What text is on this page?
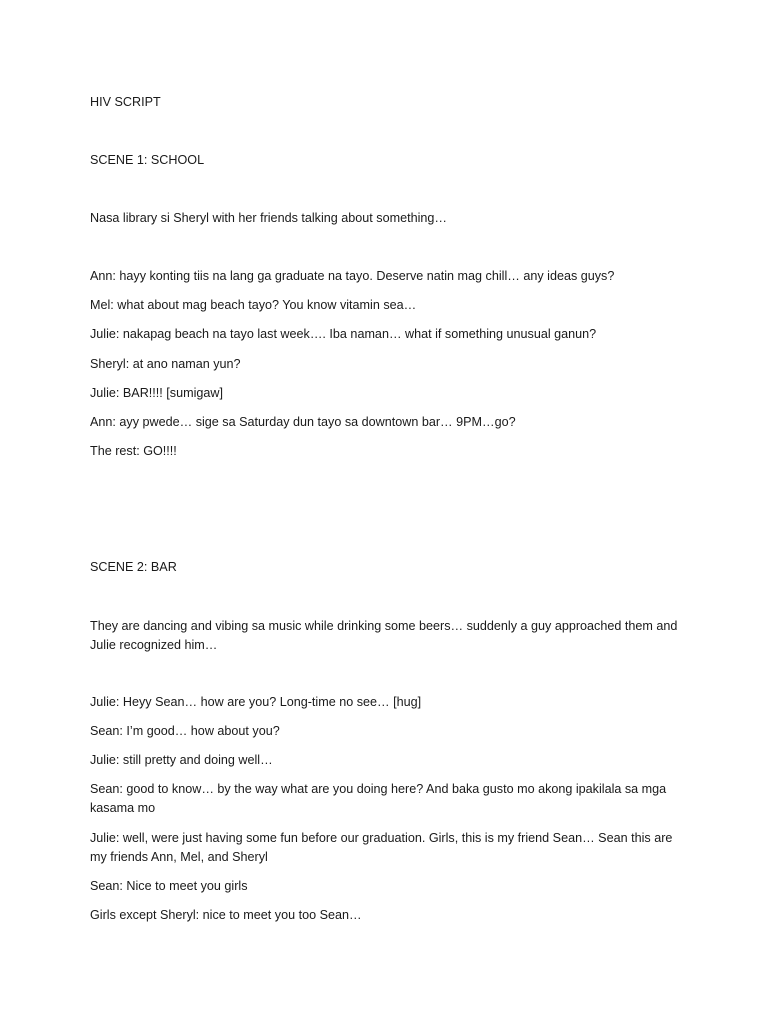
HIV SCRIPT
SCENE 1: SCHOOL
Nasa library si Sheryl with her friends talking about something…
Ann: hayy konting tiis na lang ga graduate na tayo. Deserve natin mag chill… any ideas guys?
Mel: what about mag beach tayo? You know vitamin sea…
Julie: nakapag beach na tayo last week…. Iba naman… what if something unusual ganun?
Sheryl: at ano naman yun?
Julie: BAR!!!! [sumigaw]
Ann: ayy pwede… sige sa Saturday dun tayo sa downtown bar… 9PM…go?
The rest: GO!!!!
SCENE 2: BAR
They are dancing and vibing sa music while drinking some beers… suddenly a guy approached them and
Julie recognized him…
Julie: Heyy Sean… how are you? Long-time no see… [hug]
Sean: I’m good… how about you?
Julie: still pretty and doing well…
Sean: good to know… by the way what are you doing here? And baka gusto mo akong ipakilala sa mga
kasama mo
Julie: well, were just having some fun before our graduation. Girls, this is my friend Sean… Sean this are
my friends Ann, Mel, and Sheryl
Sean: Nice to meet you girls
Girls except Sheryl: nice to meet you too Sean…
